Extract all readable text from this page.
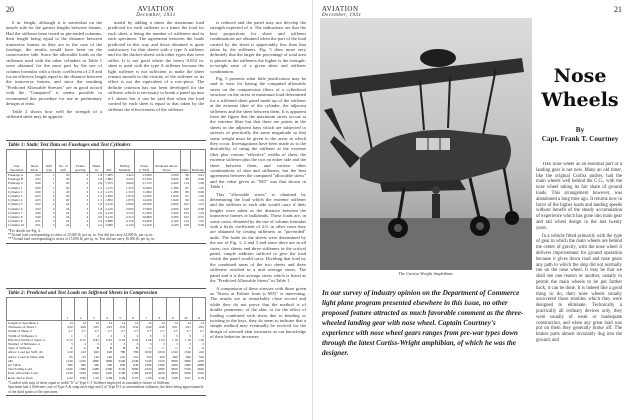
20	AVIATION
December, 1931

6 in. length, although it is somewhat on the unsafe side for the greater lengths between frames. Had the stiffener been tested as pin-ended columns, their length being equal to the distance between transverse frames as they are in the case of the fuselage, the results would have been on the conservative side. Since the allowable loads on the stiffeners used with the other cylinders in Table 1 were obtained for the most part by the use of column formulas with a fixity coefficient of 2.0 and for an effective length equal to the distance between the transverse frames, and since the resulting "Predicted Allowable Stresses" are in good accord with the "Computed" it seems possible to recommend this procedure for use in preliminary designs at least.

Table 2 shows how well the strength of a stiffened sheet may be approxi-

mated by adding a times the maximum load predicted for each stiffener to a times the load for each sheet, a being the number of stiffeners and m each specimen. The agreement between the loads predicted in this way and those obtained is quite satisfactory for thin sheets with a type A stiffener and for the thicker sheets with other types that were stiffer. It is not good where the heavy 0.052 in. sheet is used with the type A stiffener because the light stiffener is not sufficient to make the sheet remain smooth in the vicinity of the stiffener so its effect is not the equivalent of a row-piece. The definite criterion has not been developed for the stiffness which is necessary to break a panel up into a-1 sheets but it can be said that when the load carried by each sheet is equal to that taken by the stiffener the effectiveness of the stiffener

is reduced and the panel may not develop the strength expected of it. The indications are that the best proportions for sheet and stiffener combinations are obtained when the part of the load carried by the sheet is appreciably less than that taken by the stiffeners. Fig. 5 does more very definitely that the larger the percentage of total area is placed in the stiffeners the higher is the strength-to-weight ratio of a given sheet and stiffener combination.

Fig. 5 presents what little justification may be said to exist for basing the computed allowable stress on the compression fibers of a cylindrical structure on the stress at maximum load determined for a stiffened sheet panel made up of the stiffener at the extreme fiber of the cylinder, the adjacent stiffeners and the sheet between them. It is apparent from the figure that the maximum stress occurs at the extreme fiber but that there are points in the sheets in the adjacent bays which are subjected to stresses of practically the same magnitude so that some weight must be given to the areas in which they occur. Investigations have been made as to the desirability of using the stiffener at the extreme fiber plus various "effective" widths of sheet, the extreme stiffener plus the two on either side and the sheet between them, and various other combinations of skin and stiffeners, but the best agreement between the computed "allowable stress" and the value given as "M/I" was that shown in Table 1.

This "allowable stress" is obtained by determining the load which the extreme stiffener and the stiffener to each side would carry if their lengths were taken as the distance between the transverse frames or bulkheads. These loads are, in some cases, obtained by the use of column formulas with a fixity coefficient of 2.0; in other cases they are obtained by testing stiffeners as "pin-ended" units. The loads on the sheets were determined by the use of Fig. 1, 2 and 3 and since there are in all cases, two sheets and three stiffeners in the critical panel, simple addition sufficed to give the load which the panel would carry. Dividing that load by the combined areas of the two sheets and three stiffeners resulted in a unit average stress. The panel and it is this average stress which is listed as the "Predicted Allowable Stress" in Table 1.

A comparison of these stresses with those given as "Stress at Failure from (c·M/I)" is interesting. The results are in remarkably close accord and while they do not prove that the method is of double parameter, of the skin, or for the effect of loading combined with shear due to bending or twisting in the bays, they do seem to indicate that a simple method may eventually be evolved for the design of stressed skin structures as our knowledge of their behavior increases.

Table 1: Static Test Data on Fuselages and Test Cylinders
Test Specimen	Sheet thick.	Stiff. type	No. of stiff.	Frame spacing	Diam. in.	M/I	Failing Moment	Stress (c·M/I)	Predicted Allow. Stress	Ratio	Remarks
Fuselage A	.032	1	20	2	1.8	7,285	3.425	33.000	3.500	90	0.91
Fuselage B	.032	1	20	2	1.8	7,882	3.425	23.700	3.600	88	0.99
Fuselage C	.040	1	20	2	2.0	7,915	3.620	21.125	2.400	114	1.08
Cylinder 1	.020	1	20	3	1.2	1,215	1.310	12,000	1,380	87	1.02
Cylinder 2	.020	1	20	3	1.2	1,215	1.310	11,800	1,380	86	0.99
Cylinder 3	.025	2	20	3	1.5	1,850	1.870	14,500	1,920	97	1.06
Cylinder 4	.025	2	20	3	1.5	1,850	1.870	14,200	1,920	96	1.04
Cylinder 5	.032	2	24	3	1.8	2,410	2.650	18,300	2,600	102	1.01
Cylinder 6	.032	2	24	3	1.8	2,410	2.650	17,900	2,600	100	0.98
Cylinder 7	.040	3	24	4	2.0	3,120	3.210	21,400	3,300	104	1.03
Cylinder 8	.040	3	24	4	2.0	3,120	3.210	20,800	3,300	102	0.97
Cylinder 9	.051	3	24	4	2.4	3,980	4.150	24,600	4,100	110	1.02
Cylinder 10	.051	3	24	4	2.4	3,980	4.150	24,100	4,100	108	0.99
*For details see Fig. 4.
**Actual load corresponding to stress of 25,000 lb. per sq. in. Test did not carry 34,000 lb. per sq. in.
***Actual load corresponding to stress of 15,000 lb. per sq. in. Test did not carry 16,000 lb. per sq. in.
Table 2: Predicted and Test Loads on Stiffened Sheets in Compression
	1	2	3	4	5	6	7	8	9	10	11
Length of Specimen, L	14	14	14	14	14	14	14	14	14	14	14
Thickness of Sheet, t	.020	.020	.025	.025	.032	.032	.040	.040	.051	.051	.052
Width of Sheet, b	2.7	2.7	2.7	2.7	2.7	2.7	2.7	2.7	2.7	2.7	2.7
Width of Stiffeners, b	1	1	2	2	2	2	3	3	3	3	1
Effective Width of Sheet, w	0.72	0.72	0.81	0.81	0.92	0.92	1.04	1.04	1.18	1.18	1.20
Number of Stiffeners, n	3	3	3	3	3	3	3	3	3	3	3
Type of Stiffener	A	A	B	B	B	B	C	C	C	C	A
Allow. Load per Stiff., Ps	410	410	620	620	780	780	1050	1050	1320	1320	410
Allow. Load on Sheet, Psh	95	95	140	140	210	210	320	320	490	490	520
nPs	1230	1230	1860	1860	2340	2340	3150	3150	3960	3960	1230
(n+1)Psh	380	380	560	560	840	840	1280	1280	1960	1960	2080
Test Failing Load	1640	1580	2480	2390	3150	3080	4450	4380	5820	5740	2620
Pred. Allowable Load	1610	1610	2420	2420	3180	3180	4430	4430	5920	5920	3310
Ratio Test to Pred.	1.02	0.98	1.02	0.99	0.99	0.97	1.00	0.99	0.98	0.97	0.79
*Loaded with strip of sheet equal to width "b" of Type C-1 Stiffener employed in cumulative fixture of Stiffener.
Specimen had 4 Stiffeners, one of Type A & strap each edge and 2 of Type D-1 as intermediate stiffeners, the latter being approximately of the third points of the specimen.
AVIATION
December, 1931
21
The Curtiss-Wright Amphibian.
Nose
Wheels
By
Capt. Frank T. Courtney

THE nose wheel as an essential part of a landing gear is not new. Many an old timer, like the original Curtiss pusher, had the main wheels well behind the C.G., with the nose wheel taking its fair share of ground loads. This arrangement however, was abandoned a long time ago. It returns now in favor of the higher loads and landing speeds without benefit of the steady accumulation of experience which has gone into main gear and tail wheel design in the last twenty years.

In a vehicle fitted primarily with the type of gear in which the main wheels are behind the center of gravity, with the nose wheel it delivers improvement for ground operation because it gives down road and nose gears any path to which the ship did not normally run on the nose wheel. It may be that we shall see one reason or another, usually to permit the main wheels to be put farther back, it can be done. It is indeed like a good thing to do, their nose wheels usually uncovered those troubles which they were designed to eliminate. Technically a practically all ordinary devices only, they were usually of weak or inadequate construction, and when any great load was put on them they generally broke off. The brakes parts almost invariably dug into the ground, and

In our survey of industry opinion on the Department of Commerce light plane program presented elsewhere in this issue, no other proposed feature attracted as much favorable comment as the three-wheeled landing gear with nose wheel. Captain Courtney's experience with nose wheel gears ranges from pre-war types down through the latest Curtiss-Wright amphibian, of which he was the designer.
